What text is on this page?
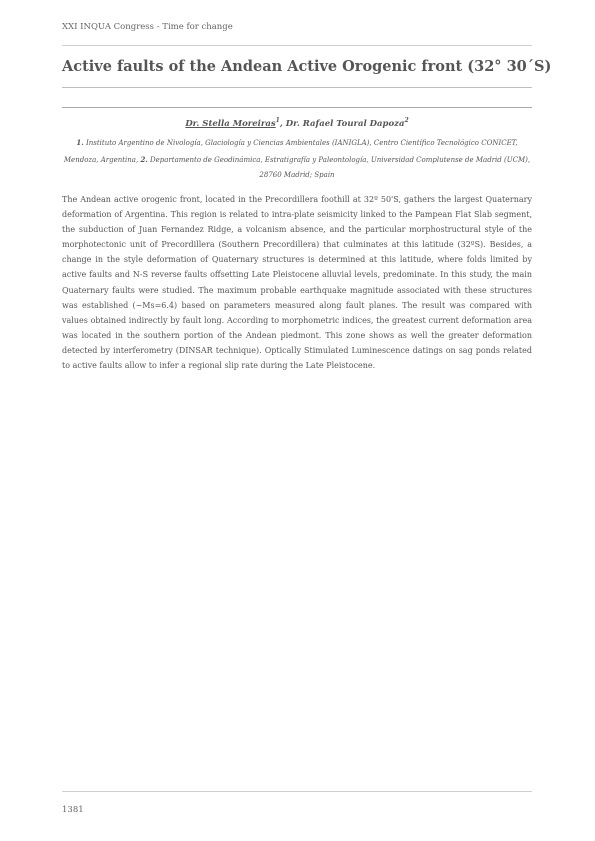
XXI INQUA Congress - Time for change
Active faults of the Andean Active Orogenic front (32° 30´S)
Dr. Stella Moreiras$^1$, Dr. Rafael Toural Dapoza$^2$
1. Instituto Argentino de Nivología, Glaciología y Ciencias Ambientales (IANIGLA), Centro Científico Tecnológico CONICET, Mendoza, Argentina, 2. Departamento de Geodinámica, Estratigrafía y Paleontología, Universidad Complutense de Madrid (UCM), 28760 Madrid; Spain

The Andean active orogenic front, located in the Precordillera foothill at 32º 50'S, gathers the largest Quaternary deformation of Argentina. This region is related to intra-plate seismicity linked to the Pampean Flat Slab segment, the subduction of Juan Fernandez Ridge, a volcanism absence, and the particular morphostructural style of the morphotectonic unit of Precordillera (Southern Precordillera) that culminates at this latitude (32ºS). Besides, a change in the style deformation of Quaternary structures is determined at this latitude, where folds limited by active faults and N-S reverse faults offsetting Late Pleistocene alluvial levels, predominate. In this study, the main Quaternary faults were studied. The maximum probable earthquake magnitude associated with these structures was established (~Ms=6.4) based on parameters measured along fault planes. The result was compared with values obtained indirectly by fault long. According to morphometric indices, the greatest current deformation area was located in the southern portion of the Andean piedmont. This zone shows as well the greater deformation detected by interferometry (DINSAR technique). Optically Stimulated Luminescence datings on sag ponds related to active faults allow to infer a regional slip rate during the Late Pleistocene.

1381
